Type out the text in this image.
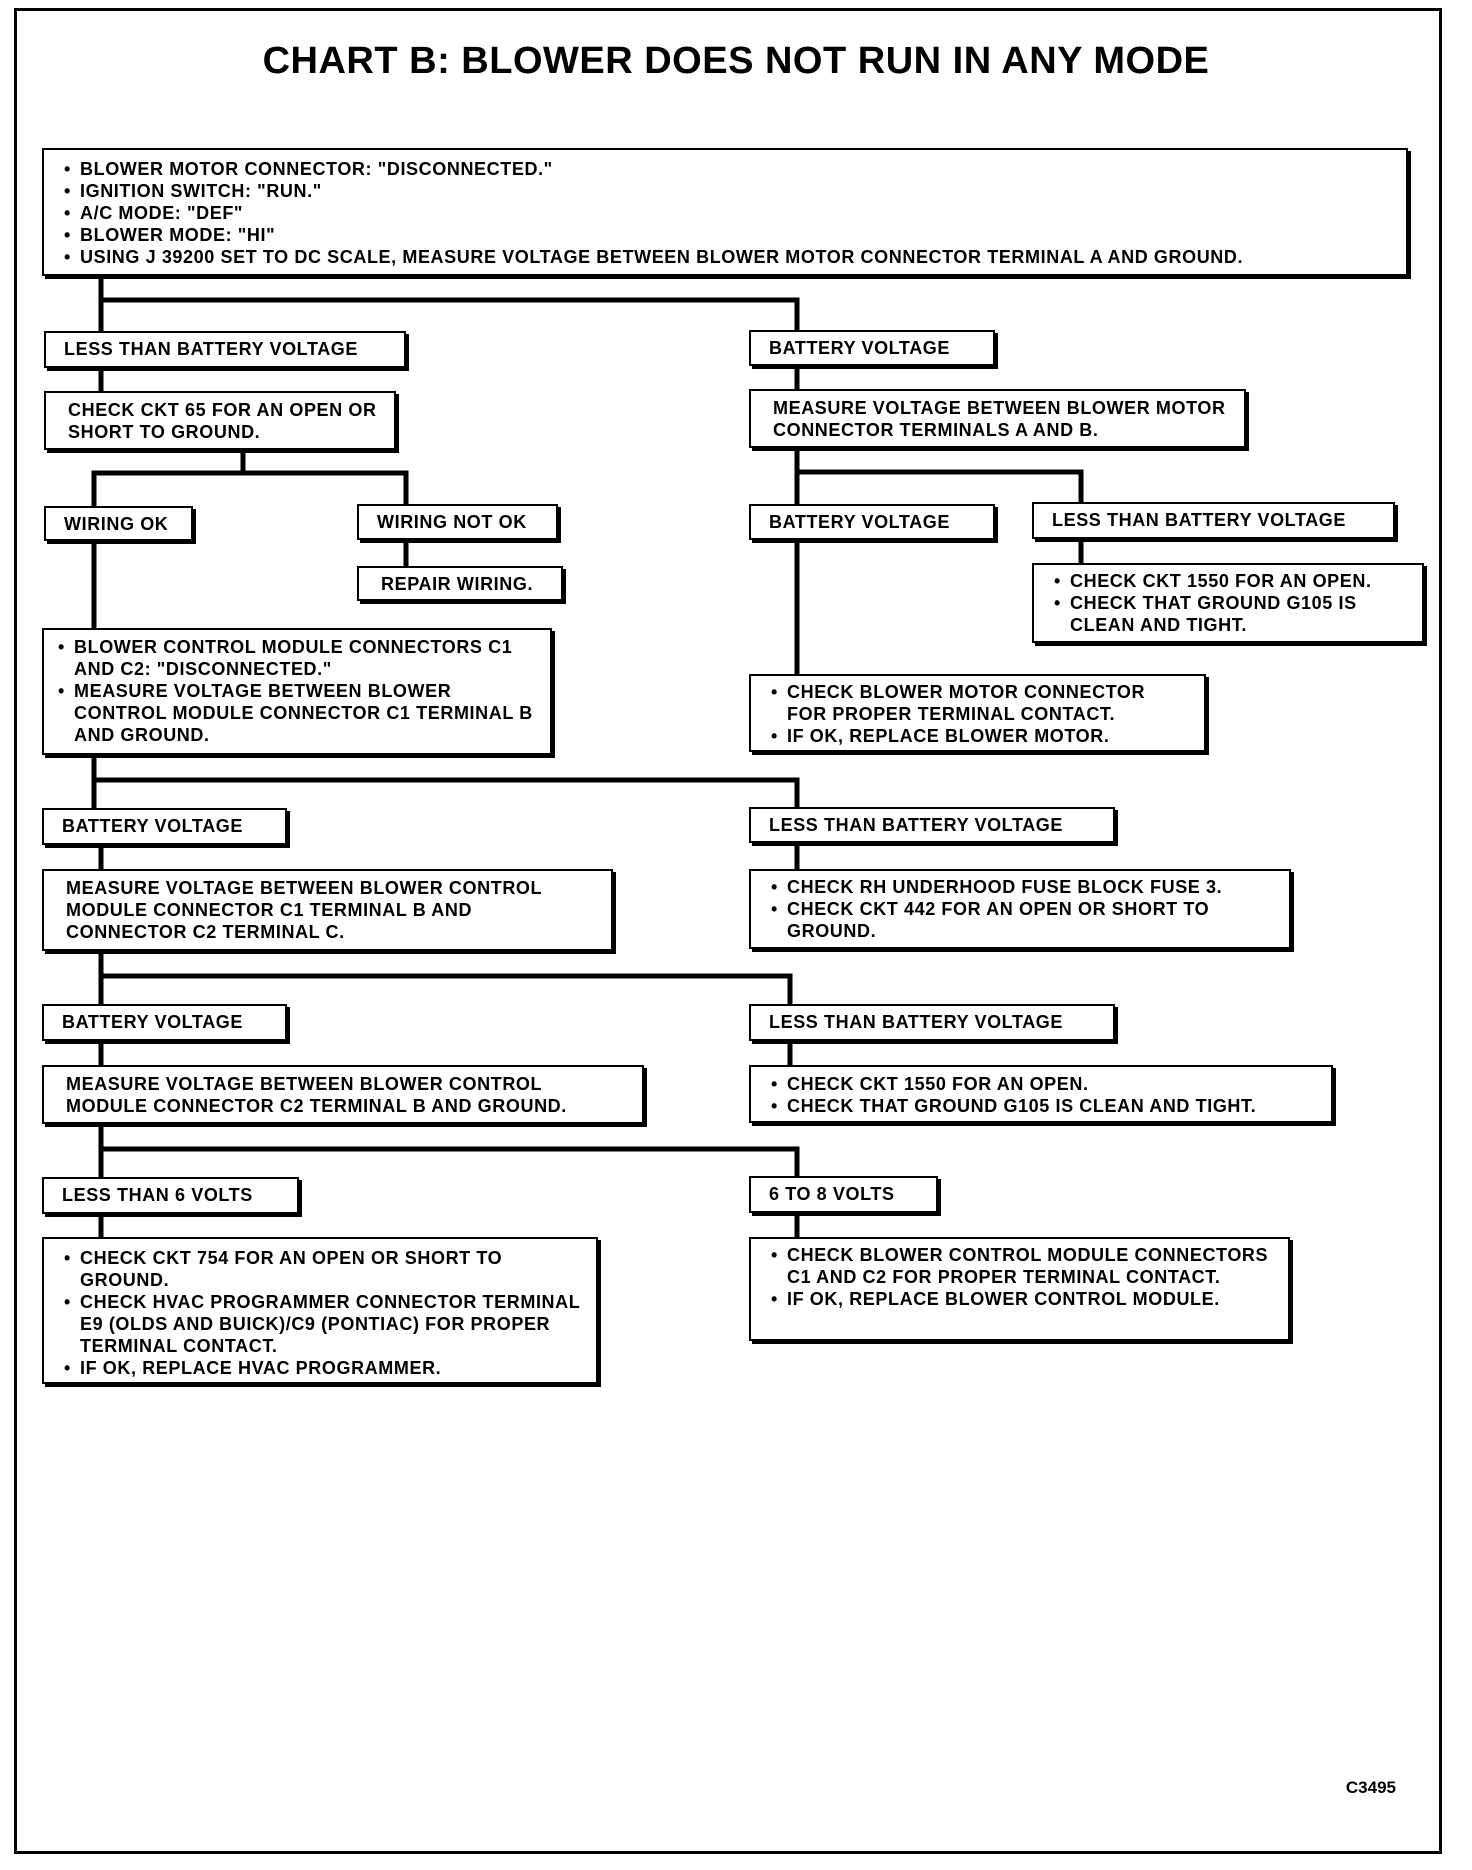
CHART B: BLOWER DOES NOT RUN IN ANY MODE
• BLOWER MOTOR CONNECTOR: "DISCONNECTED."
• IGNITION SWITCH: "RUN."
• A/C MODE: "DEF"
• BLOWER MODE: "HI"
• USING J 39200 SET TO DC SCALE, MEASURE VOLTAGE BETWEEN BLOWER MOTOR CONNECTOR TERMINAL A AND GROUND.
LESS THAN BATTERY VOLTAGE
CHECK CKT 65 FOR AN OPEN OR SHORT TO GROUND.
WIRING OK	WIRING NOT OK
REPAIR WIRING.
• BLOWER CONTROL MODULE CONNECTORS C1 AND C2: "DISCONNECTED."
• MEASURE VOLTAGE BETWEEN BLOWER CONTROL MODULE CONNECTOR C1 TERMINAL B AND GROUND.
BATTERY VOLTAGE
MEASURE VOLTAGE BETWEEN BLOWER CONTROL MODULE CONNECTOR C1 TERMINAL B AND CONNECTOR C2 TERMINAL C.
BATTERY VOLTAGE
MEASURE VOLTAGE BETWEEN BLOWER CONTROL MODULE CONNECTOR C2 TERMINAL B AND GROUND.
LESS THAN 6 VOLTS
• CHECK CKT 754 FOR AN OPEN OR SHORT TO GROUND.
• CHECK HVAC PROGRAMMER CONNECTOR TERMINAL E9 (OLDS AND BUICK)/C9 (PONTIAC) FOR PROPER TERMINAL CONTACT.
• IF OK, REPLACE HVAC PROGRAMMER.
BATTERY VOLTAGE
MEASURE VOLTAGE BETWEEN BLOWER MOTOR CONNECTOR TERMINALS A AND B.
BATTERY VOLTAGE	LESS THAN BATTERY VOLTAGE
• CHECK CKT 1550 FOR AN OPEN.
• CHECK THAT GROUND G105 IS CLEAN AND TIGHT.
• CHECK BLOWER MOTOR CONNECTOR FOR PROPER TERMINAL CONTACT.
• IF OK, REPLACE BLOWER MOTOR.
LESS THAN BATTERY VOLTAGE
• CHECK RH UNDERHOOD FUSE BLOCK FUSE 3.
• CHECK CKT 442 FOR AN OPEN OR SHORT TO GROUND.
LESS THAN BATTERY VOLTAGE
• CHECK CKT 1550 FOR AN OPEN.
• CHECK THAT GROUND G105 IS CLEAN AND TIGHT.
6 TO 8 VOLTS
• CHECK BLOWER CONTROL MODULE CONNECTORS C1 AND C2 FOR PROPER TERMINAL CONTACT.
• IF OK, REPLACE BLOWER CONTROL MODULE.
C3495
